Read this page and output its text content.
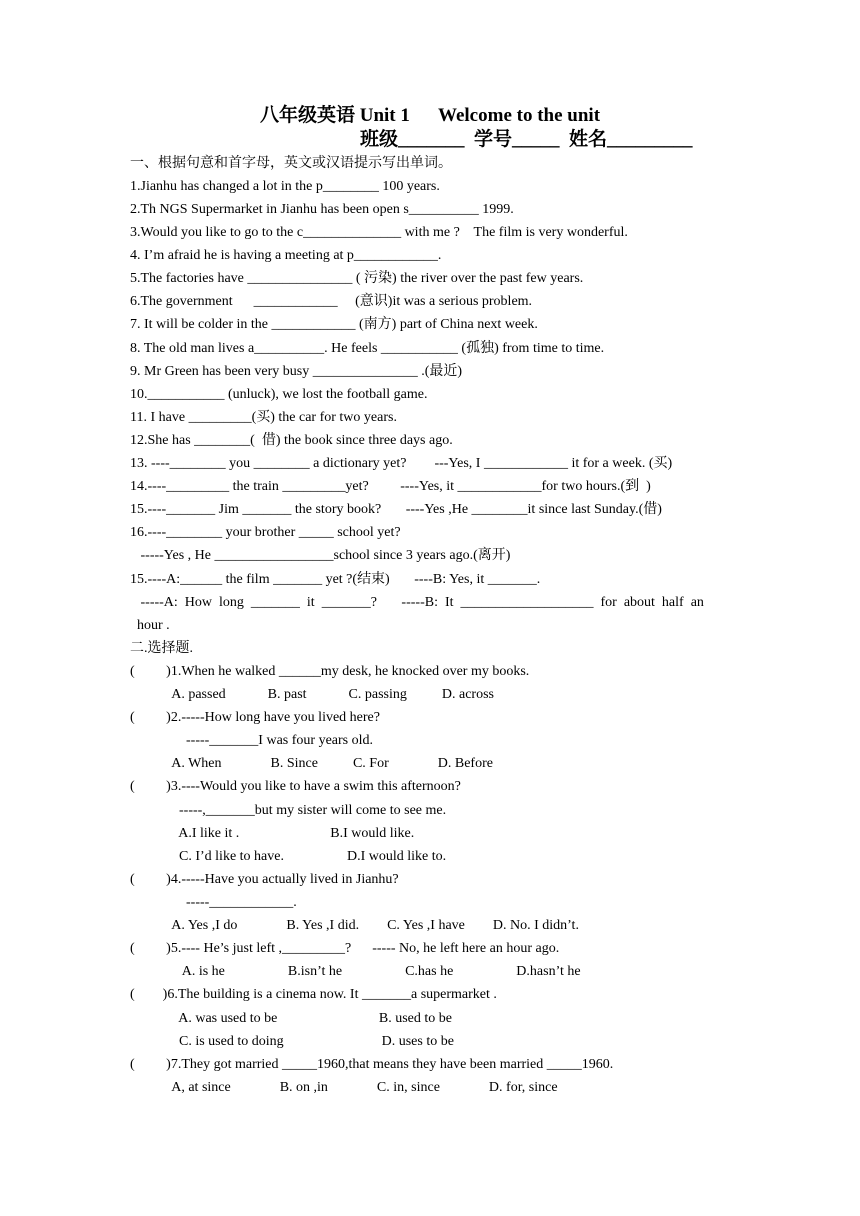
八年级英语 Unit 1      Welcome to the unit
班级_______  学号_____  姓名_________
一、根据句意和首字母，英文或汉语提示写出单词。
1.Jianhu has changed a lot in the p________ 100 years.
2.Th NGS Supermarket in Jianhu has been open s__________ 1999.
3.Would you like to go to the c______________ with me ?    The film is very wonderful.
4. I’m afraid he is having a meeting at p____________.
5.The factories have _______________ ( 污染) the river over the past few years.
6.The government      ____________     (意识)it was a serious problem.
7. It will be colder in the ____________ (南方) part of China next week.
8. The old man lives a__________. He feels ___________ (孤独) from time to time.
9. Mr Green has been very busy _______________ .(最近)
10.___________ (unluck), we lost the football game.
11. I have _________(买) the car for two years.
12.She has ________(  借) the book since three days ago.
13. ----________ you ________ a dictionary yet?        ---Yes, I ____________ it for a week. (买)
14.----_________ the train _________yet?         ----Yes, it ____________for two hours.(到  )
15.----_______ Jim _______ the story book?       ----Yes ,He ________it since last Sunday.(借)
16.----________ your brother _____ school yet?
-----Yes , He _________________school since 3 years ago.(离开)
15.----A:______ the film _______ yet ?(结束)       ----B: Yes, it _______.
-----A:  How  long  _______  it  _______?       -----B:  It  ___________________  for  about  half  an
hour .
二.选择题.
(         )1.When he walked ______my desk, he knocked over my books.
A. passed            B. past            C. passing          D. across
(         )2.-----How long have you lived here?
-----_______I was four years old.
A. When              B. Since          C. For              D. Before
(         )3.----Would you like to have a swim this afternoon?
-----,_______but my sister will come to see me.
A.I like it .                          B.I would like.
C. I’d like to have.                  D.I would like to.
(         )4.-----Have you actually lived in Jianhu?
-----____________.
A. Yes ,I do              B. Yes ,I did.        C. Yes ,I have        D. No. I didn’t.
(         )5.---- He’s just left ,_________?      ----- No, he left here an hour ago.
A. is he                  B.isn’t he                  C.has he                  D.hasn’t he
(        )6.The building is a cinema now. It _______a supermarket .
A. was used to be                             B. used to be
C. is used to doing                            D. uses to be
(         )7.They got married _____1960,that means they have been married _____1960.
A, at since              B. on ,in              C. in, since              D. for, since
